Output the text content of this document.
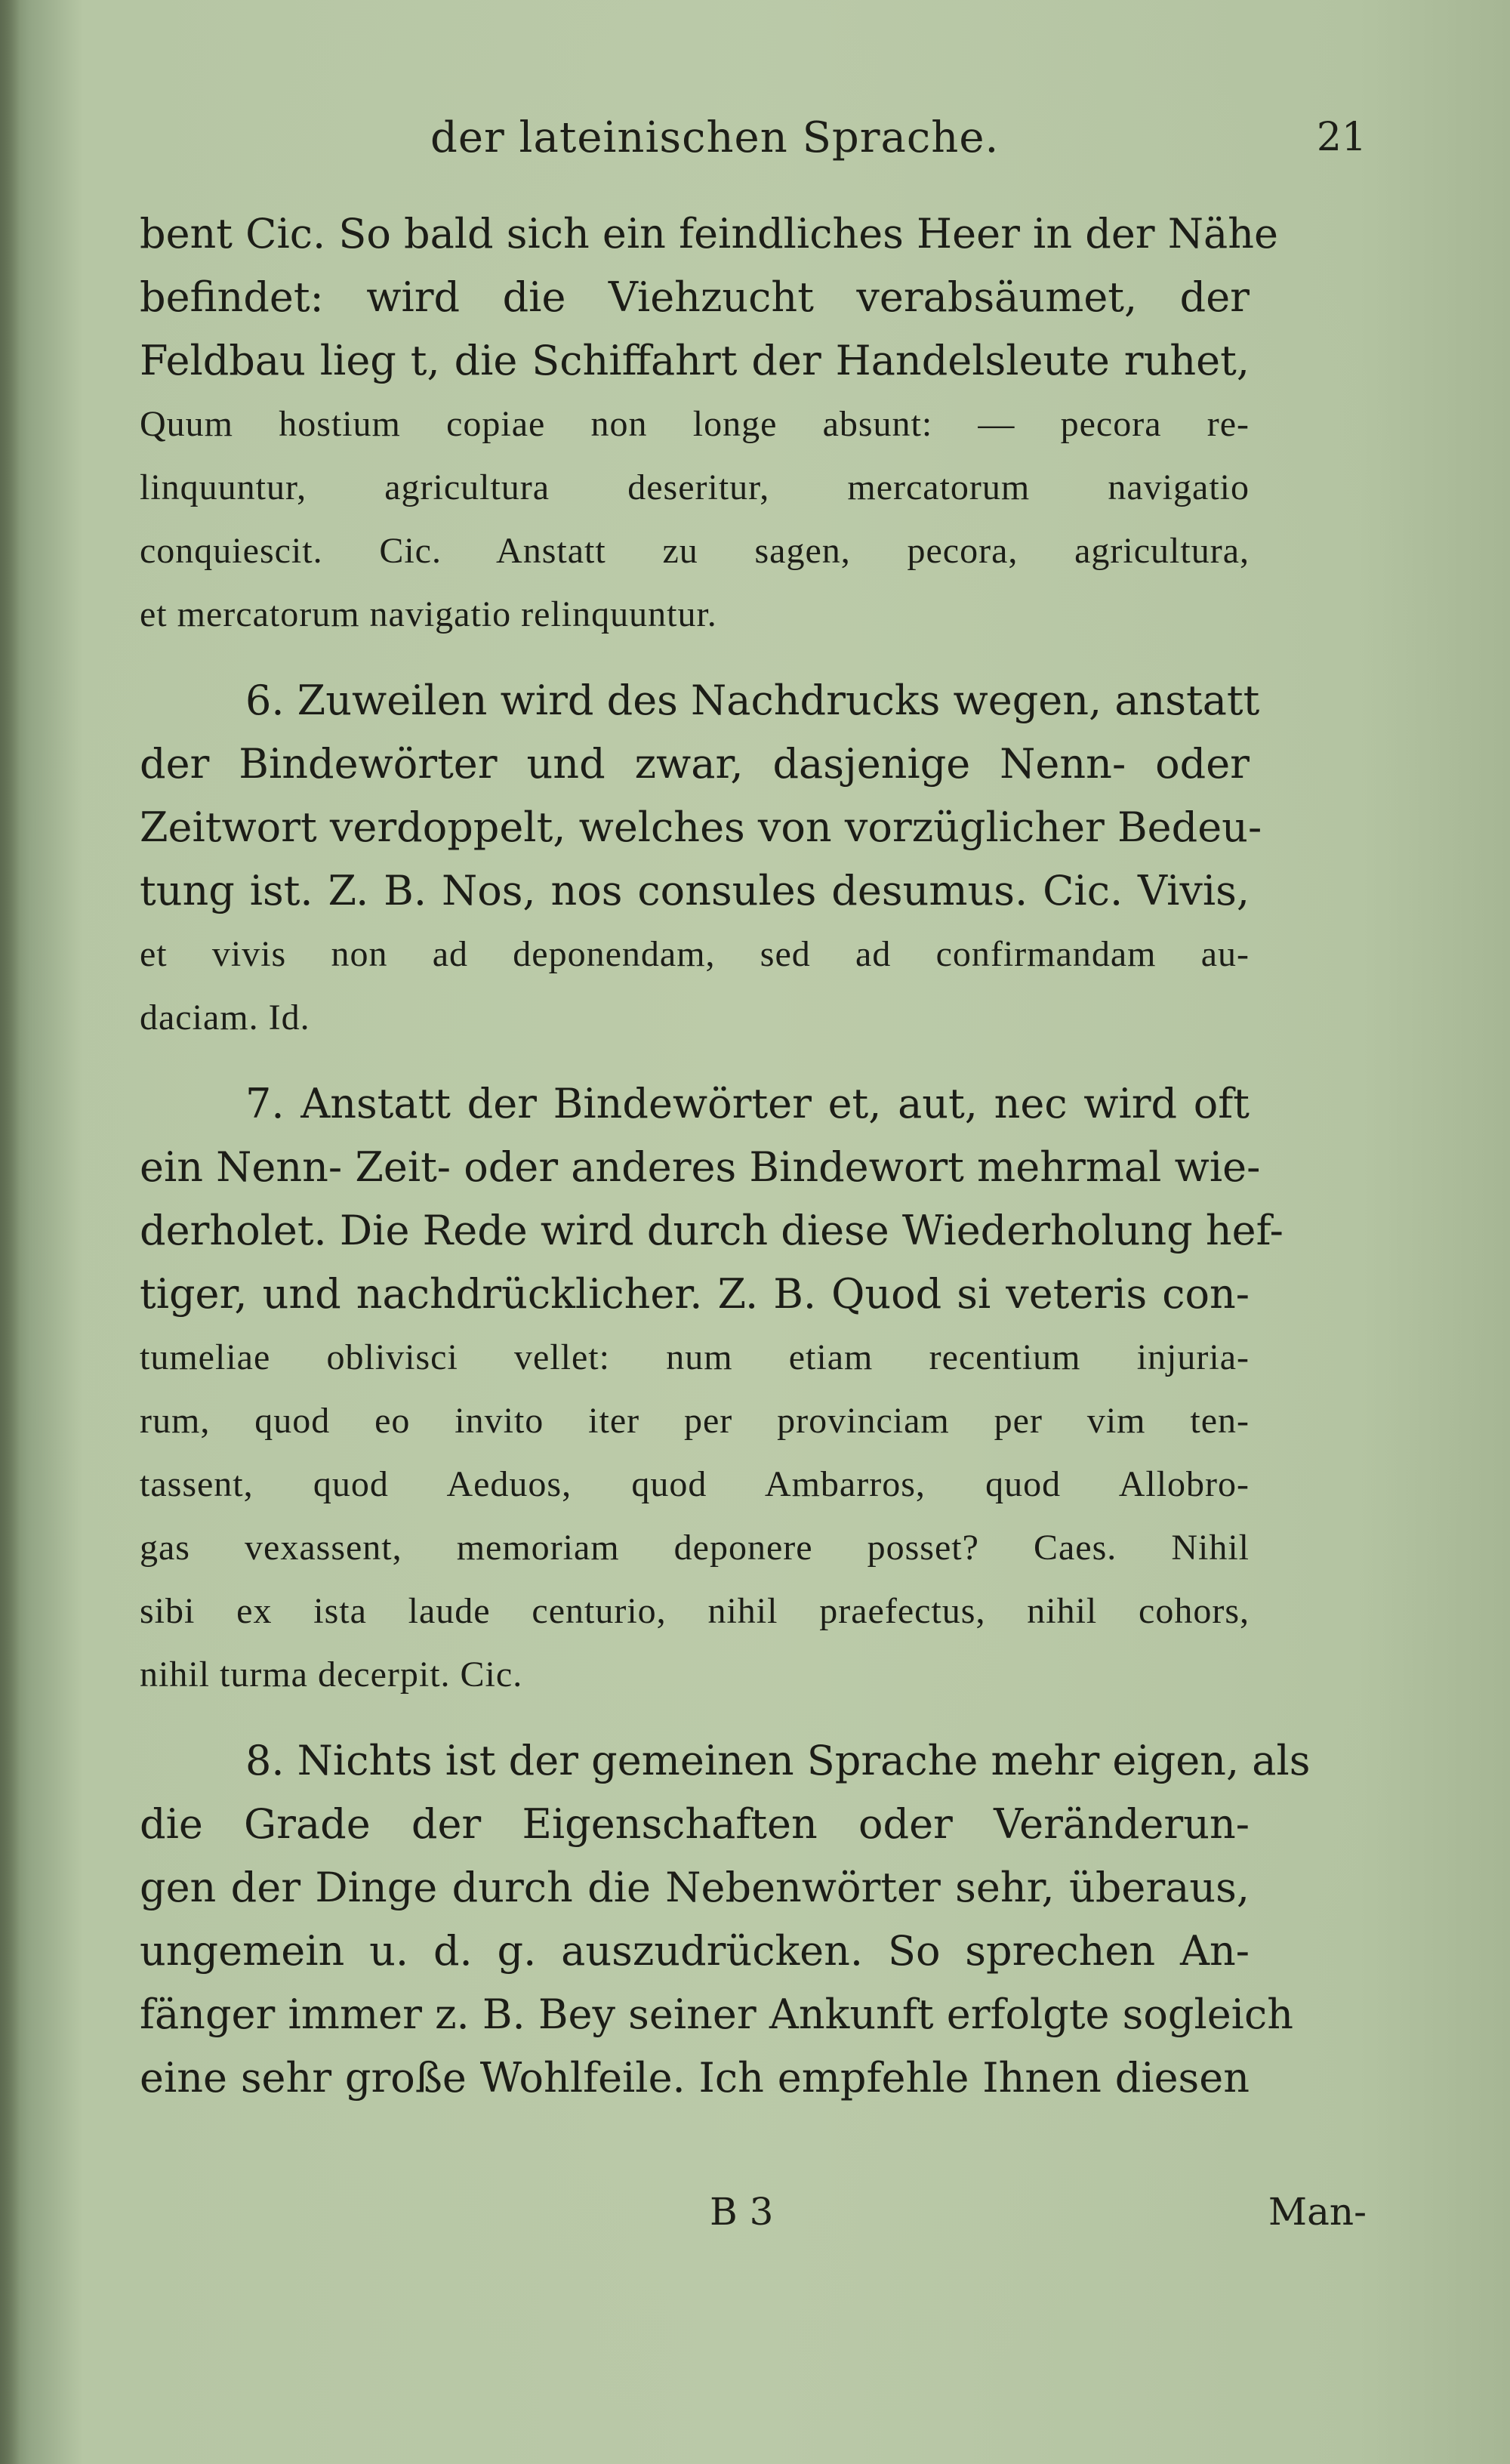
der lateinischen Sprache.	21
bent Cic. So bald sich ein feindliches Heer in der Nähe
befindet: wird die Viehzucht verabsäumet, der
Feldbau lieg t, die Schiffahrt der Handelsleute ruhet,
Quum hostium copiae non longe absunt: — pecora re-
linquuntur, agricultura deseritur, mercatorum navigatio
conquiescit. Cic. Anstatt zu sagen, pecora, agricultura,
et mercatorum navigatio relinquuntur.
6. Zuweilen wird des Nachdrucks wegen, anstatt
der Bindewörter und zwar, dasjenige Nenn- oder
Zeitwort verdoppelt, welches von vorzüglicher Bedeu-
tung ist. Z. B. Nos, nos consules desumus. Cic. Vivis,
et vivis non ad deponendam, sed ad confirmandam au-
daciam. Id.
7. Anstatt der Bindewörter et, aut, nec wird oft
ein Nenn- Zeit- oder anderes Bindewort mehrmal wie-
derholet. Die Rede wird durch diese Wiederholung hef-
tiger, und nachdrücklicher. Z. B. Quod si veteris con-
tumeliae oblivisci vellet: num etiam recentium injuria-
rum, quod eo invito iter per provinciam per vim ten-
tassent, quod Aeduos, quod Ambarros, quod Allobro-
gas vexassent, memoriam deponere posset? Caes. Nihil
sibi ex ista laude centurio, nihil praefectus, nihil cohors,
nihil turma decerpit. Cic.
8. Nichts ist der gemeinen Sprache mehr eigen, als
die Grade der Eigenschaften oder Veränderun-
gen der Dinge durch die Nebenwörter sehr, überaus,
ungemein u. d. g. auszudrücken. So sprechen An-
fänger immer z. B. Bey seiner Ankunft erfolgte sogleich
eine sehr große Wohlfeile. Ich empfehle Ihnen diesen
B 3	Man-
